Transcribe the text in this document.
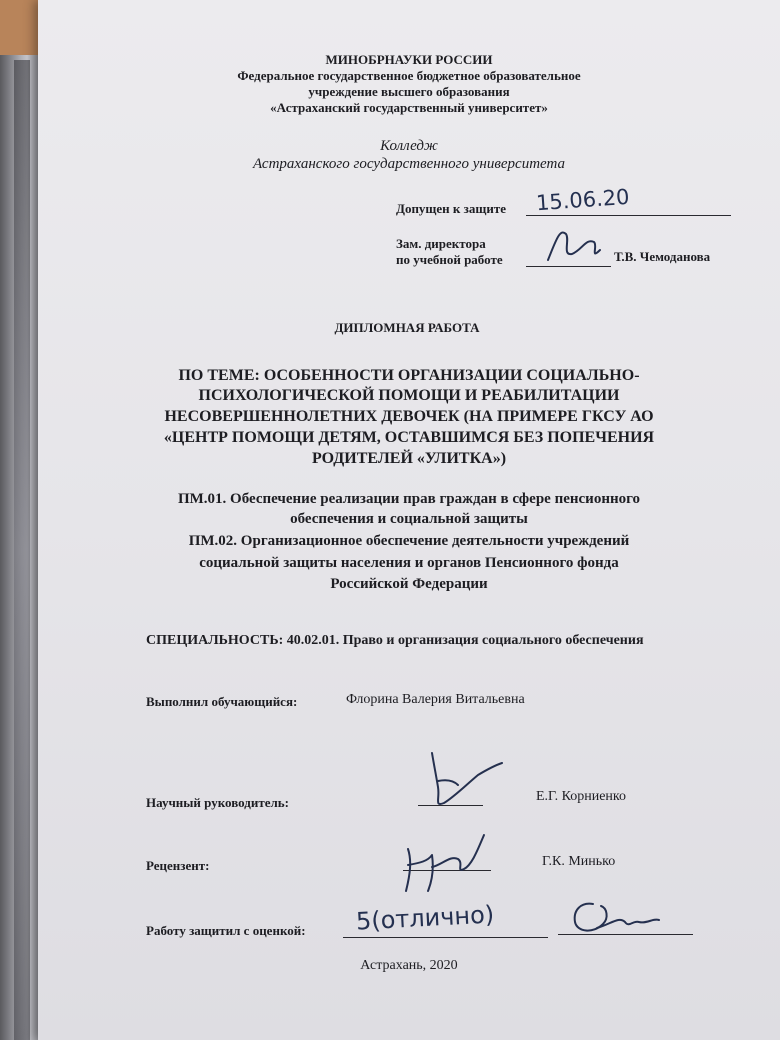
МИНОБРНАУКИ РОССИИ
Федеральное государственное бюджетное образовательное
учреждение высшего образования
«Астраханский государственный университет»
Колледж
Астраханского государственного университета
Допущен к защите 15.06.20
Зам. директора
по учебной работе	Т.В. Чемоданова
ДИПЛОМНАЯ РАБОТА
ПО ТЕМЕ: ОСОБЕННОСТИ ОРГАНИЗАЦИИ СОЦИАЛЬНО-
ПСИХОЛОГИЧЕСКОЙ ПОМОЩИ И РЕАБИЛИТАЦИИ
НЕСОВЕРШЕННОЛЕТНИХ ДЕВОЧЕК (НА ПРИМЕРЕ ГКСУ АО
«ЦЕНТР ПОМОЩИ ДЕТЯМ, ОСТАВШИМСЯ БЕЗ ПОПЕЧЕНИЯ
РОДИТЕЛЕЙ «УЛИТКА»)
ПМ.01. Обеспечение реализации прав граждан в сфере пенсионного
обеспечения и социальной защиты
ПМ.02. Организационное обеспечение деятельности учреждений
социальной защиты населения и органов Пенсионного фонда
Российской Федерации
СПЕЦИАЛЬНОСТЬ: 40.02.01. Право и организация социального обеспечения
Выполнил обучающийся:	Флорина Валерия Витальевна
Научный руководитель:	Е.Г. Корниенко
Рецензент:	Г.К. Минько
Работу защитил с оценкой: 5(отлично)
Астрахань, 2020
